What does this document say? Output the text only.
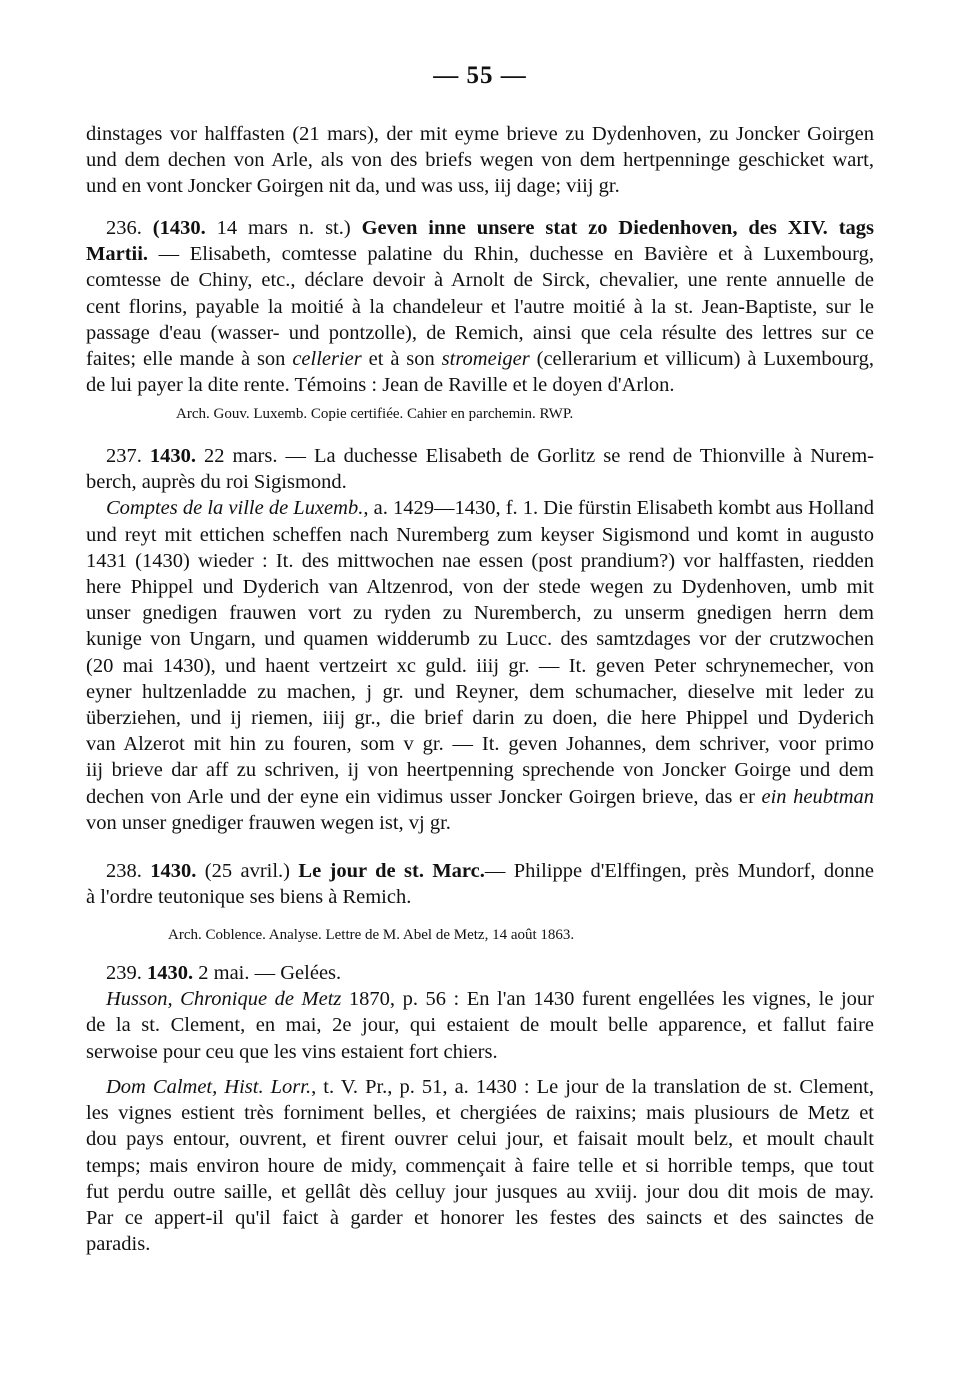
— 55 —
dinstages vor halffasten (21 mars), der mit eyme brieve zu Dydenhoven, zu Joncker Goirgen
und dem dechen von Arle, als von des briefs wegen von dem hertpenninge geschicket wart,
und en vont Joncker Goirgen nit da, und was uss, iij dage; viij gr.
236. (1430. 14 mars n. st.) Geven inne unsere stat zo Diedenhoven, des XIV. tags
Martii. — Elisabeth, comtesse palatine du Rhin, duchesse en Bavière et à Luxembourg,
comtesse de Chiny, etc., déclare devoir à Arnolt de Sirck, chevalier, une rente annuelle de
cent florins, payable la moitié à la chandeleur et l'autre moitié à la st. Jean-Baptiste, sur le
passage d'eau (wasser- und pontzolle), de Remich, ainsi que cela résulte des lettres sur ce
faites; elle mande à son cellerier et à son stromeiger (cellerarium et villicum) à Luxembourg,
de lui payer la dite rente. Témoins : Jean de Raville et le doyen d'Arlon.
Arch. Gouv. Luxemb. Copie certifiée. Cahier en parchemin. RWP.
237. 1430. 22 mars. — La duchesse Elisabeth de Gorlitz se rend de Thionville à Nurem-
berch, auprès du roi Sigismond.
Comptes de la ville de Luxemb., a. 1429—1430, f. 1. Die fürstin Elisabeth kombt aus Holland
und reyt mit ettichen scheffen nach Nuremberg zum keyser Sigismond und komt in augusto
1431 (1430) wieder : It. des mittwochen nae essen (post prandium?) vor halffasten, riedden
here Phippel und Dyderich van Altzenrod, von der stede wegen zu Dydenhoven, umb mit
unser gnedigen frauwen vort zu ryden zu Nuremberch, zu unserm gnedigen herrn dem
kunige von Ungarn, und quamen widderumb zu Lucc. des samtzdages vor der crutzwochen
(20 mai 1430), und haent vertzeirt xc guld. iiij gr. — It. geven Peter schrynemecher, von
eyner hultzenladde zu machen, j gr. und Reyner, dem schumacher, dieselve mit leder zu
überziehen, und ij riemen, iiij gr., die brief darin zu doen, die here Phippel und Dyderich
van Alzerot mit hin zu fouren, som v gr. — It. geven Johannes, dem schriver, voor primo
iij brieve dar aff zu schriven, ij von heertpenning sprechende von Joncker Goirge und dem
dechen von Arle und der eyne ein vidimus usser Joncker Goirgen brieve, das er ein heubtman
von unser gnediger frauwen wegen ist, vj gr.
238. 1430. (25 avril.) Le jour de st. Marc.— Philippe d'Elffingen, près Mundorf, donne
à l'ordre teutonique ses biens à Remich.
Arch. Coblence. Analyse. Lettre de M. Abel de Metz, 14 août 1863.
239. 1430. 2 mai. — Gelées.
Husson, Chronique de Metz 1870, p. 56 : En l'an 1430 furent engellées les vignes, le jour
de la st. Clement, en mai, 2e jour, qui estaient de moult belle apparence, et fallut faire
serwoise pour ceu que les vins estaient fort chiers.
Dom Calmet, Hist. Lorr., t. V. Pr., p. 51, a. 1430 : Le jour de la translation de st. Clement,
les vignes estient très forniment belles, et chergiées de raixins; mais plusiours de Metz et
dou pays entour, ouvrent, et firent ouvrer celui jour, et faisait moult belz, et moult chault
temps; mais environ houre de midy, commençait à faire telle et si horrible temps, que tout
fut perdu outre saille, et gellât dès celluy jour jusques au xviij. jour dou dit mois de may.
Par ce appert-il qu'il faict à garder et honorer les festes des saincts et des sainctes de
paradis.
